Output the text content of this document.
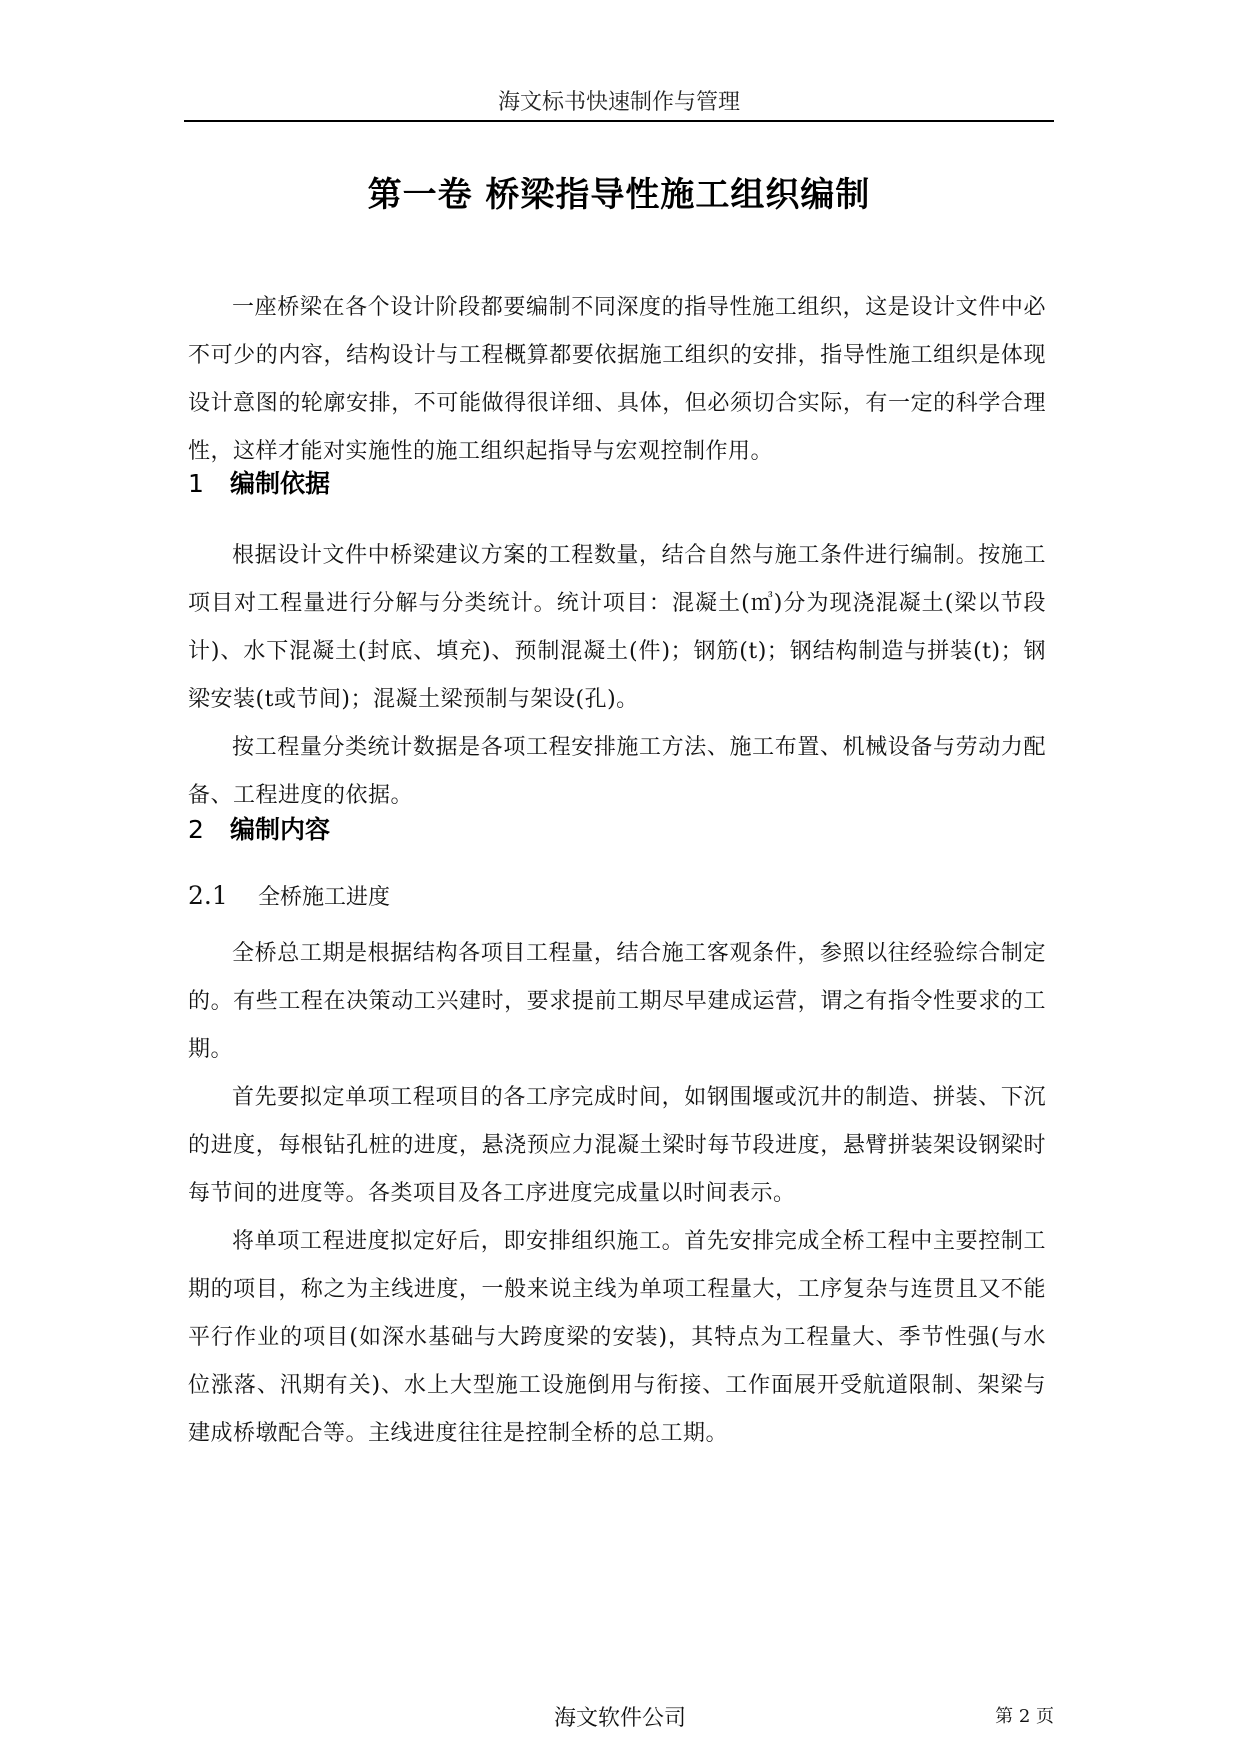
海文标书快速制作与管理
第一卷 桥梁指导性施工组织编制

一座桥梁在各个设计阶段都要编制不同深度的指导性施工组织，这是设计文件中必不可少的内容，结构设计与工程概算都要依据施工组织的安排，指导性施工组织是体现设计意图的轮廓安排，不可能做得很详细、具体，但必须切合实际，有一定的科学合理性，这样才能对实施性的施工组织起指导与宏观控制作用。

1 编制依据

根据设计文件中桥梁建议方案的工程数量，结合自然与施工条件进行编制。按施工项目对工程量进行分解与分类统计。统计项目：混凝土(㎥)分为现浇混凝土(梁以节段计)、水下混凝土(封底、填充)、预制混凝土(件)；钢筋(t)；钢结构制造与拼装(t)；钢梁安装(t或节间)；混凝土梁预制与架设(孔)。

按工程量分类统计数据是各项工程安排施工方法、施工布置、机械设备与劳动力配备、工程进度的依据。

2 编制内容

2.1 全桥施工进度

全桥总工期是根据结构各项目工程量，结合施工客观条件，参照以往经验综合制定的。有些工程在决策动工兴建时，要求提前工期尽早建成运营，谓之有指令性要求的工期。

首先要拟定单项工程项目的各工序完成时间，如钢围堰或沉井的制造、拼装、下沉的进度，每根钻孔桩的进度，悬浇预应力混凝土梁时每节段进度，悬臂拼装架设钢梁时每节间的进度等。各类项目及各工序进度完成量以时间表示。

将单项工程进度拟定好后，即安排组织施工。首先安排完成全桥工程中主要控制工期的项目，称之为主线进度，一般来说主线为单项工程量大，工序复杂与连贯且又不能平行作业的项目(如深水基础与大跨度梁的安装)，其特点为工程量大、季节性强(与水位涨落、汛期有关)、水上大型施工设施倒用与衔接、工作面展开受航道限制、架梁与建成桥墩配合等。主线进度往往是控制全桥的总工期。

海文软件公司	第 2 页
